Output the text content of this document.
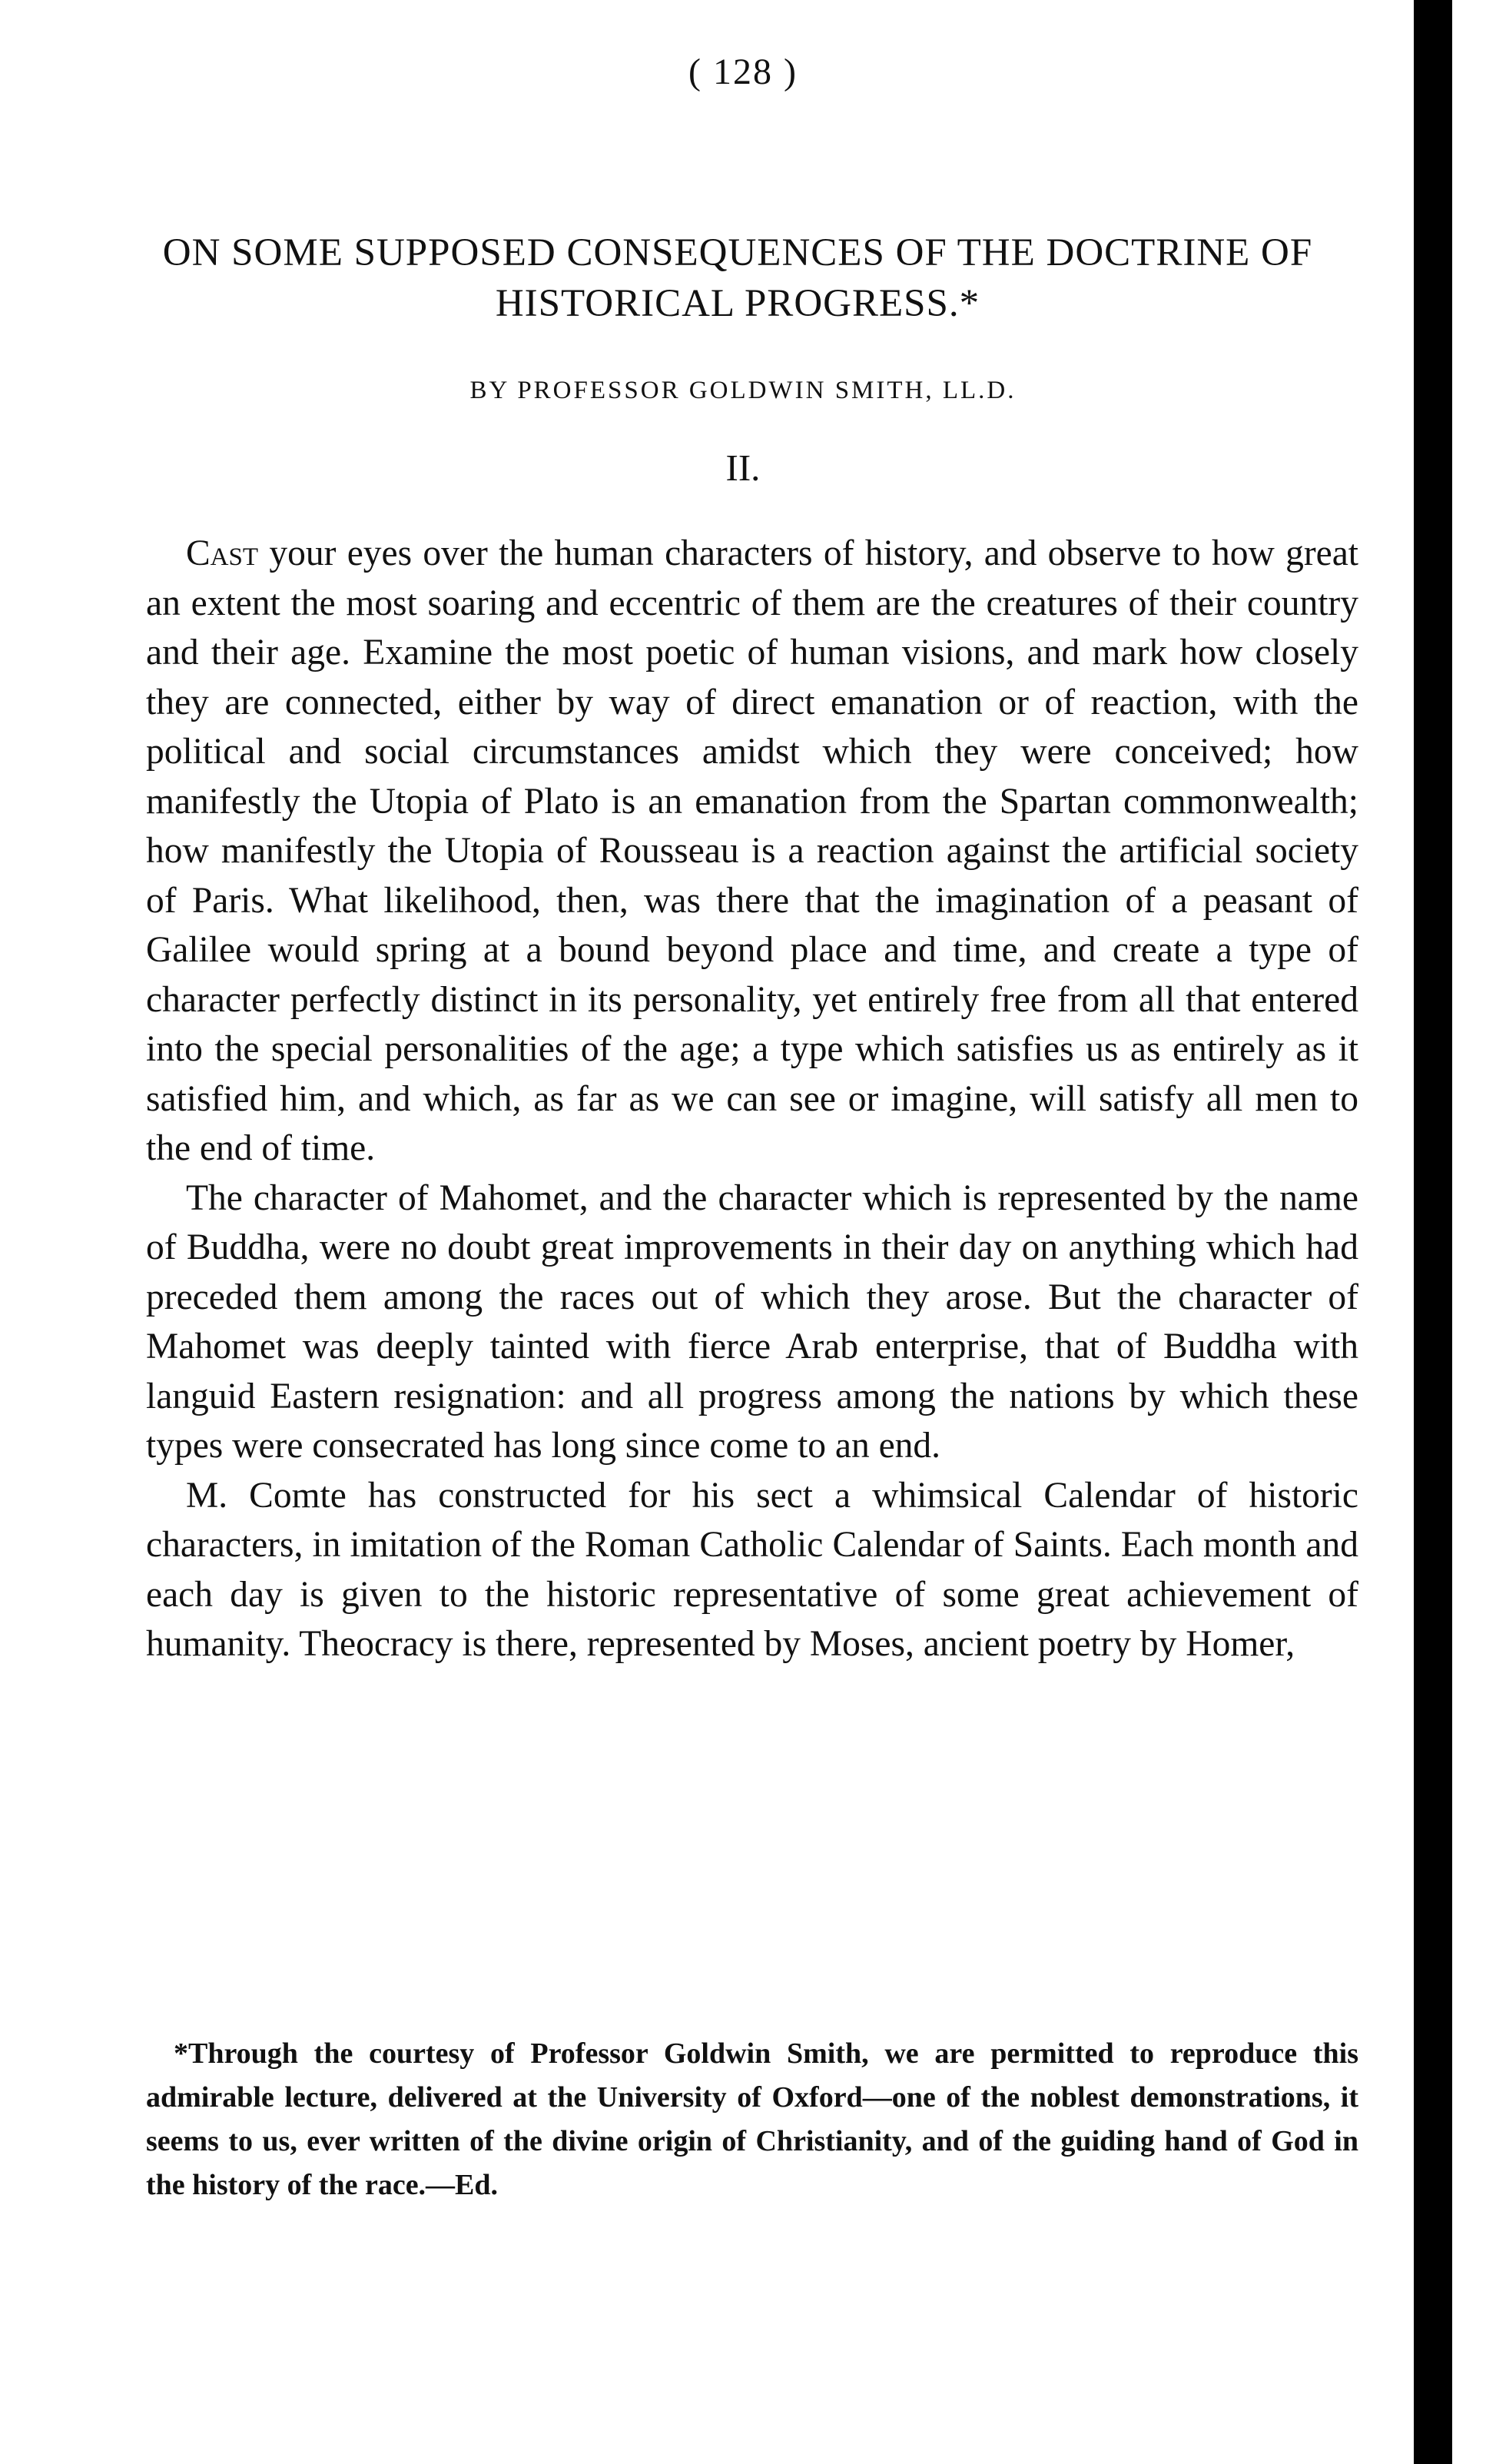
( 128 )
ON SOME SUPPOSED CONSEQUENCES OF THE DOCTRINE OF HISTORICAL PROGRESS.*
BY PROFESSOR GOLDWIN SMITH, LL.D.
II.

Cast your eyes over the human characters of history, and observe to how great an extent the most soaring and eccentric of them are the creatures of their country and their age. Examine the most poetic of human visions, and mark how closely they are connected, either by way of direct emanation or of reaction, with the political and social circumstances amidst which they were conceived; how manifestly the Utopia of Plato is an emanation from the Spartan commonwealth; how manifestly the Utopia of Rousseau is a reaction against the artificial society of Paris. What likelihood, then, was there that the imagination of a peasant of Galilee would spring at a bound beyond place and time, and create a type of character perfectly distinct in its personality, yet entirely free from all that entered into the special personalities of the age; a type which satisfies us as entirely as it satisfied him, and which, as far as we can see or imagine, will satisfy all men to the end of time.

The character of Mahomet, and the character which is represented by the name of Buddha, were no doubt great improvements in their day on anything which had preceded them among the races out of which they arose. But the character of Mahomet was deeply tainted with fierce Arab enterprise, that of Buddha with languid Eastern resignation: and all progress among the nations by which these types were consecrated has long since come to an end.

M. Comte has constructed for his sect a whimsical Calendar of historic characters, in imitation of the Roman Catholic Calendar of Saints. Each month and each day is given to the historic representative of some great achievement of humanity. Theocracy is there, represented by Moses, ancient poetry by Homer,

*Through the courtesy of Professor Goldwin Smith, we are permitted to reproduce this admirable lecture, delivered at the University of Oxford—one of the noblest demonstrations, it seems to us, ever written of the divine origin of Christianity, and of the guiding hand of God in the history of the race.—Ed.
